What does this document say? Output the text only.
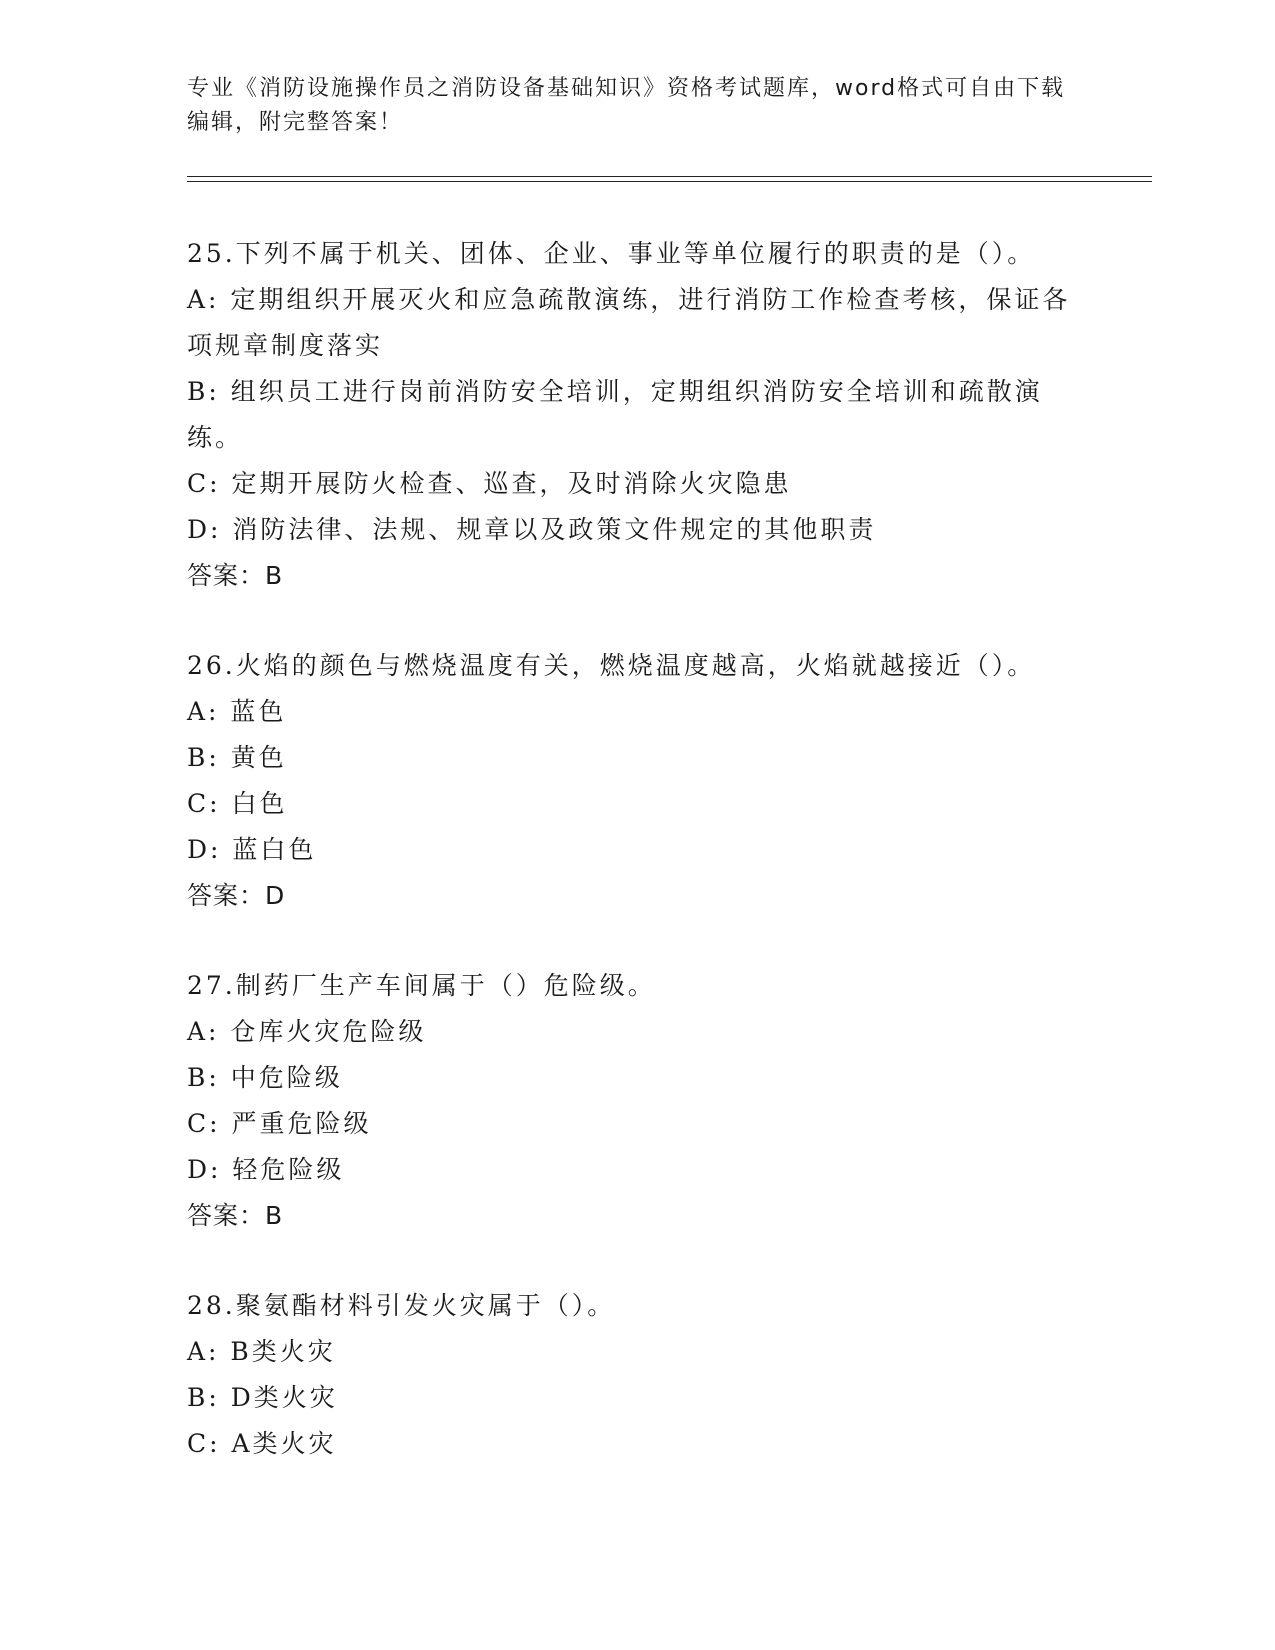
专业《消防设施操作员之消防设备基础知识》资格考试题库，word格式可自由下载编辑，附完整答案！
25.下列不属于机关、团体、企业、事业等单位履行的职责的是（）。
A: 定期组织开展灭火和应急疏散演练，进行消防工作检查考核，保证各项规章制度落实
B: 组织员工进行岗前消防安全培训，定期组织消防安全培训和疏散演练。
C: 定期开展防火检查、巡查，及时消除火灾隐患
D: 消防法律、法规、规章以及政策文件规定的其他职责
答案：B
26.火焰的颜色与燃烧温度有关，燃烧温度越高，火焰就越接近（）。
A: 蓝色
B: 黄色
C: 白色
D: 蓝白色
答案：D
27.制药厂生产车间属于（）危险级。
A: 仓库火灾危险级
B: 中危险级
C: 严重危险级
D: 轻危险级
答案：B
28.聚氨酯材料引发火灾属于（）。
A: B类火灾
B: D类火灾
C: A类火灾
